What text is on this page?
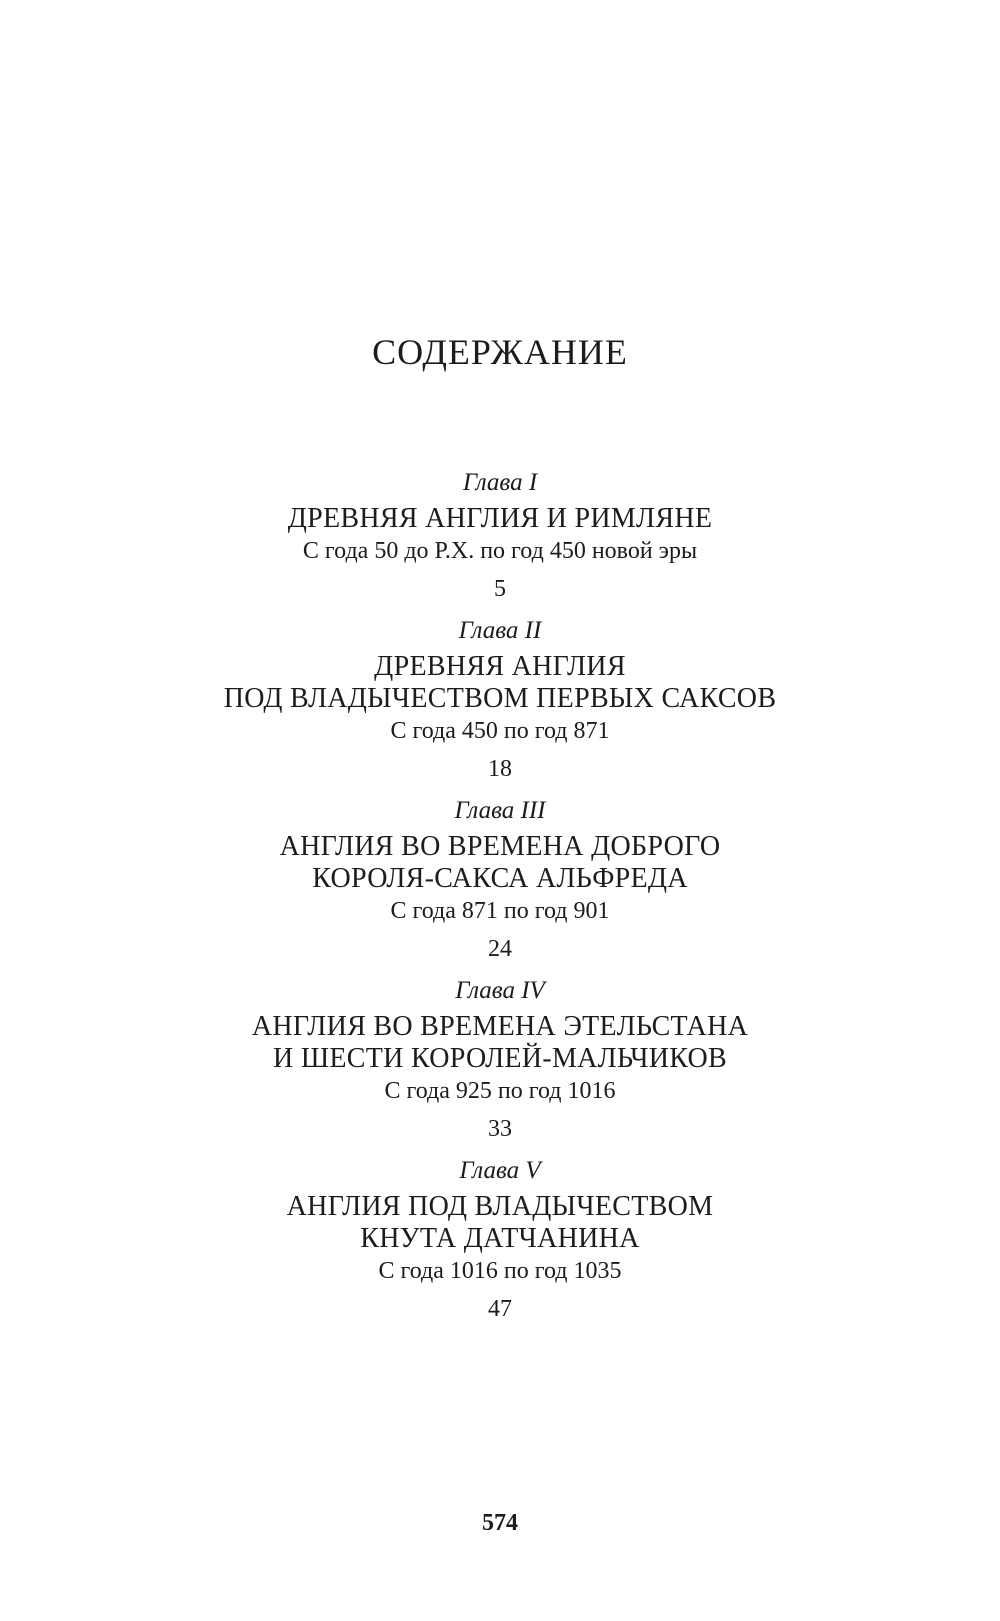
СОДЕРЖАНИЕ
Глава I
ДРЕВНЯЯ АНГЛИЯ И РИМЛЯНЕ
С года 50 до Р.Х. по год 450 новой эры
5
Глава II
ДРЕВНЯЯ АНГЛИЯ
ПОД ВЛАДЫЧЕСТВОМ ПЕРВЫХ САКСОВ
С года 450 по год 871
18
Глава III
АНГЛИЯ ВО ВРЕМЕНА ДОБРОГО
КОРОЛЯ-САКСА АЛЬФРЕДА
С года 871 по год 901
24
Глава IV
АНГЛИЯ ВО ВРЕМЕНА ЭТЕЛЬСТАНА
И ШЕСТИ КОРОЛЕЙ-МАЛЬЧИКОВ
С года 925 по год 1016
33
Глава V
АНГЛИЯ ПОД ВЛАДЫЧЕСТВОМ
КНУТА ДАТЧАНИНА
С года 1016 по год 1035
47
574
